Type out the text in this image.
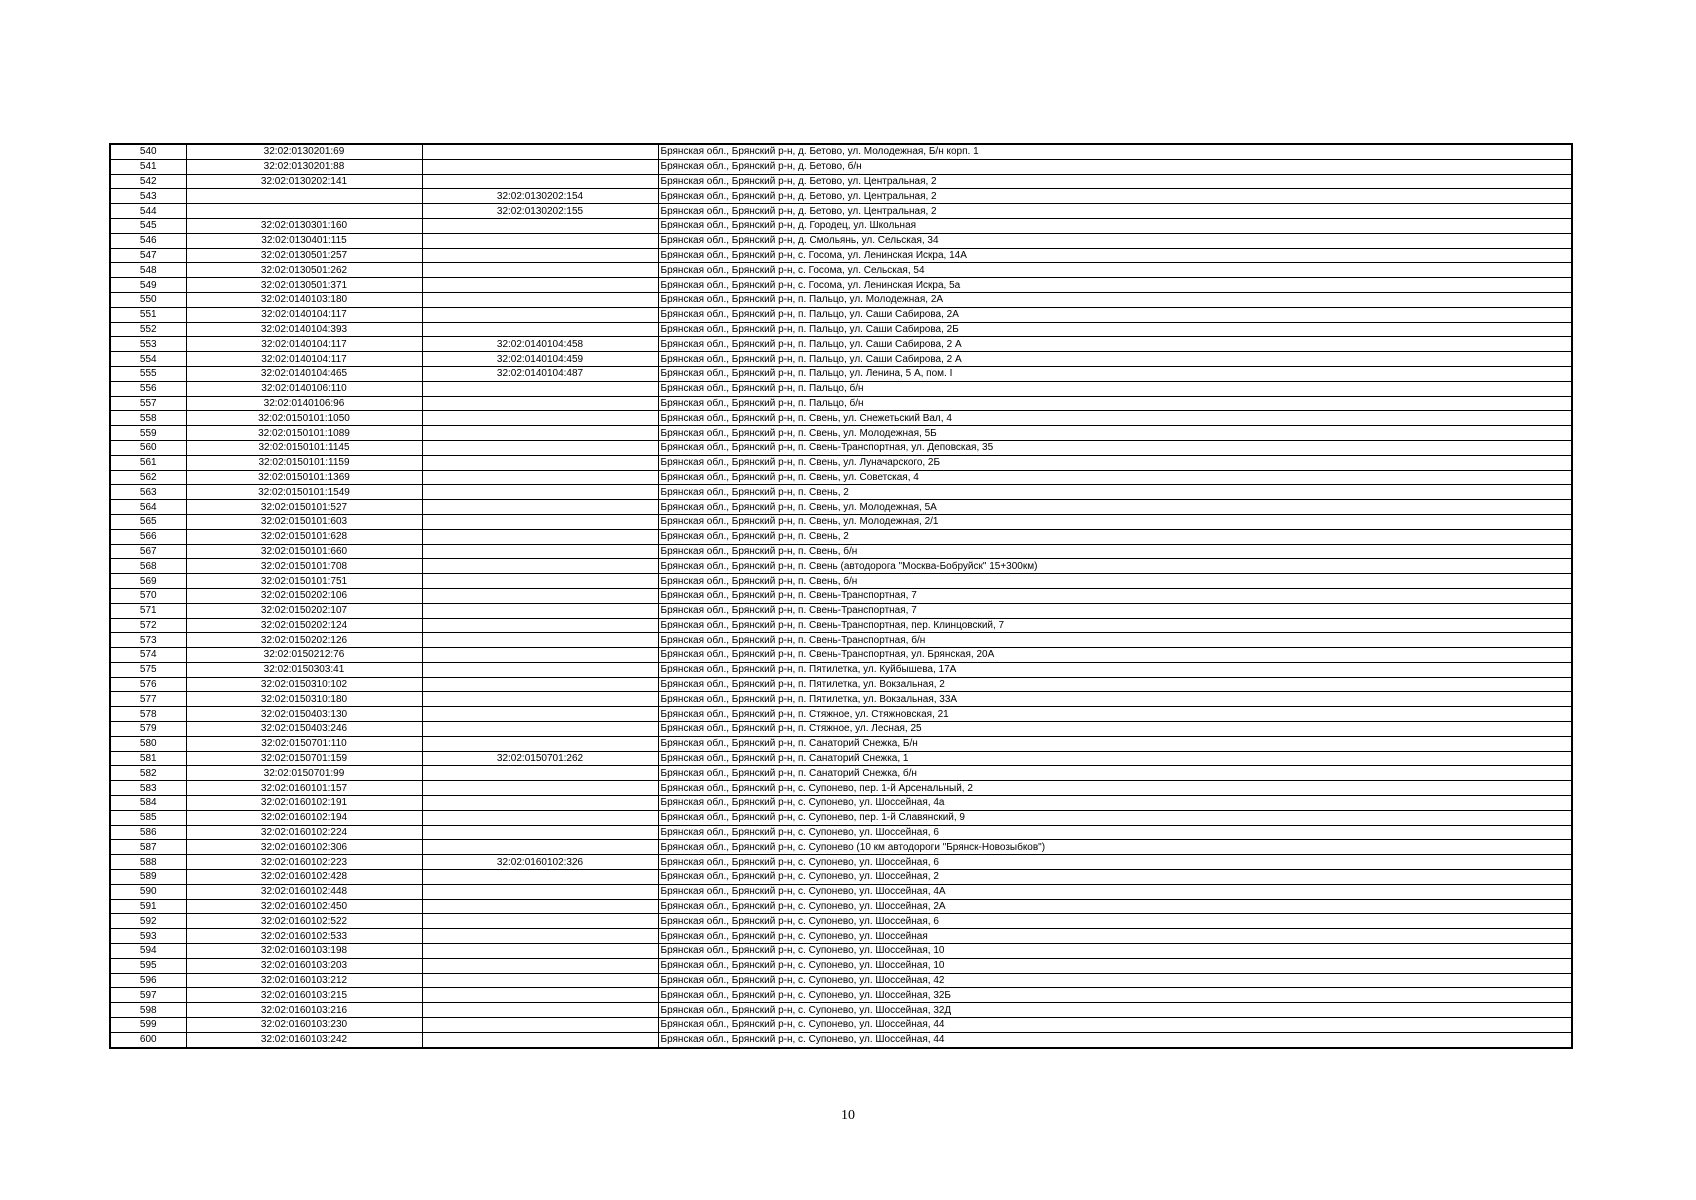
540	32:02:0130201:69		Брянская обл., Брянский р-н, д. Бетово, ул. Молодежная, Б/н корп. 1
541	32:02:0130201:88		Брянская обл., Брянский р-н, д. Бетово, б/н
542	32:02:0130202:141		Брянская обл., Брянский р-н, д. Бетово, ул. Центральная, 2
543		32:02:0130202:154	Брянская обл., Брянский р-н, д. Бетово, ул. Центральная, 2
544		32:02:0130202:155	Брянская обл., Брянский р-н, д. Бетово, ул. Центральная, 2
545	32:02:0130301:160		Брянская обл., Брянский р-н, д. Городец, ул. Школьная
546	32:02:0130401:115		Брянская обл., Брянский р-н, д. Смольянь, ул. Сельская, 34
547	32:02:0130501:257		Брянская обл., Брянский р-н, с. Госома, ул. Ленинская Искра, 14А
548	32:02:0130501:262		Брянская обл., Брянский р-н, с. Госома, ул. Сельская, 54
549	32:02:0130501:371		Брянская обл., Брянский р-н, с. Госома, ул. Ленинская Искра, 5а
550	32:02:0140103:180		Брянская обл., Брянский р-н, п. Пальцо, ул. Молодежная, 2А
551	32:02:0140104:117		Брянская обл., Брянский р-н, п. Пальцо, ул. Саши Сабирова, 2А
552	32:02:0140104:393		Брянская обл., Брянский р-н, п. Пальцо, ул. Саши Сабирова, 2Б
553	32:02:0140104:117	32:02:0140104:458	Брянская обл., Брянский р-н, п. Пальцо, ул. Саши Сабирова, 2 А
554	32:02:0140104:117	32:02:0140104:459	Брянская обл., Брянский р-н, п. Пальцо, ул. Саши Сабирова, 2 А
555	32:02:0140104:465	32:02:0140104:487	Брянская обл., Брянский р-н, п. Пальцо, ул. Ленина, 5 А, пом. I
556	32:02:0140106:110		Брянская обл., Брянский р-н, п. Пальцо, б/н
557	32:02:0140106:96		Брянская обл., Брянский р-н, п. Пальцо, б/н
558	32:02:0150101:1050		Брянская обл., Брянский р-н, п. Свень, ул. Снежетьский Вал, 4
559	32:02:0150101:1089		Брянская обл., Брянский р-н, п. Свень, ул. Молодежная, 5Б
560	32:02:0150101:1145		Брянская обл., Брянский р-н, п. Свень-Транспортная, ул. Деповская, 35
561	32:02:0150101:1159		Брянская обл., Брянский р-н, п. Свень, ул. Луначарского, 2Б
562	32:02:0150101:1369		Брянская обл., Брянский р-н, п. Свень, ул. Советская, 4
563	32:02:0150101:1549		Брянская обл., Брянский р-н, п. Свень, 2
564	32:02:0150101:527		Брянская обл., Брянский р-н, п. Свень, ул. Молодежная, 5А
565	32:02:0150101:603		Брянская обл., Брянский р-н, п. Свень, ул. Молодежная, 2/1
566	32:02:0150101:628		Брянская обл., Брянский р-н, п. Свень, 2
567	32:02:0150101:660		Брянская обл., Брянский р-н, п. Свень, б/н
568	32:02:0150101:708		Брянская обл., Брянский р-н, п. Свень (автодорога "Москва-Бобруйск" 15+300км)
569	32:02:0150101:751		Брянская обл., Брянский р-н, п. Свень, б/н
570	32:02:0150202:106		Брянская обл., Брянский р-н, п. Свень-Транспортная, 7
571	32:02:0150202:107		Брянская обл., Брянский р-н, п. Свень-Транспортная, 7
572	32:02:0150202:124		Брянская обл., Брянский р-н, п. Свень-Транспортная, пер. Клинцовский, 7
573	32:02:0150202:126		Брянская обл., Брянский р-н, п. Свень-Транспортная, б/н
574	32:02:0150212:76		Брянская обл., Брянский р-н, п. Свень-Транспортная, ул. Брянская, 20А
575	32:02:0150303:41		Брянская обл., Брянский р-н, п. Пятилетка, ул. Куйбышева, 17А
576	32:02:0150310:102		Брянская обл., Брянский р-н, п. Пятилетка, ул. Вокзальная, 2
577	32:02:0150310:180		Брянская обл., Брянский р-н, п. Пятилетка, ул. Вокзальная, 33А
578	32:02:0150403:130		Брянская обл., Брянский р-н, п. Стяжное, ул. Стяжновская, 21
579	32:02:0150403:246		Брянская обл., Брянский р-н, п. Стяжное, ул. Лесная, 25
580	32:02:0150701:110		Брянская обл., Брянский р-н, п. Санаторий Снежка, Б/н
581	32:02:0150701:159	32:02:0150701:262	Брянская обл., Брянский р-н, п. Санаторий Снежка, 1
582	32:02:0150701:99		Брянская обл., Брянский р-н, п. Санаторий Снежка, б/н
583	32:02:0160101:157		Брянская обл., Брянский р-н, с. Супонево, пер. 1-й Арсенальный, 2
584	32:02:0160102:191		Брянская обл., Брянский р-н, с. Супонево, ул. Шоссейная, 4а
585	32:02:0160102:194		Брянская обл., Брянский р-н, с. Супонево, пер. 1-й Славянский, 9
586	32:02:0160102:224		Брянская обл., Брянский р-н, с. Супонево, ул. Шоссейная, 6
587	32:02:0160102:306		Брянская обл., Брянский р-н, с. Супонево (10 км автодороги "Брянск-Новозыбков")
588	32:02:0160102:223	32:02:0160102:326	Брянская обл., Брянский р-н, с. Супонево, ул. Шоссейная, 6
589	32:02:0160102:428		Брянская обл., Брянский р-н, с. Супонево, ул. Шоссейная, 2
590	32:02:0160102:448		Брянская обл., Брянский р-н, с. Супонево, ул. Шоссейная, 4А
591	32:02:0160102:450		Брянская обл., Брянский р-н, с. Супонево, ул. Шоссейная, 2А
592	32:02:0160102:522		Брянская обл., Брянский р-н, с. Супонево, ул. Шоссейная, 6
593	32:02:0160102:533		Брянская обл., Брянский р-н, с. Супонево, ул. Шоссейная
594	32:02:0160103:198		Брянская обл., Брянский р-н, с. Супонево, ул. Шоссейная, 10
595	32:02:0160103:203		Брянская обл., Брянский р-н, с. Супонево, ул. Шоссейная, 10
596	32:02:0160103:212		Брянская обл., Брянский р-н, с. Супонево, ул. Шоссейная, 42
597	32:02:0160103:215		Брянская обл., Брянский р-н, с. Супонево, ул. Шоссейная, 32Б
598	32:02:0160103:216		Брянская обл., Брянский р-н, с. Супонево, ул. Шоссейная, 32Д
599	32:02:0160103:230		Брянская обл., Брянский р-н, с. Супонево, ул. Шоссейная, 44
600	32:02:0160103:242		Брянская обл., Брянский р-н, с. Супонево, ул. Шоссейная, 44
10
